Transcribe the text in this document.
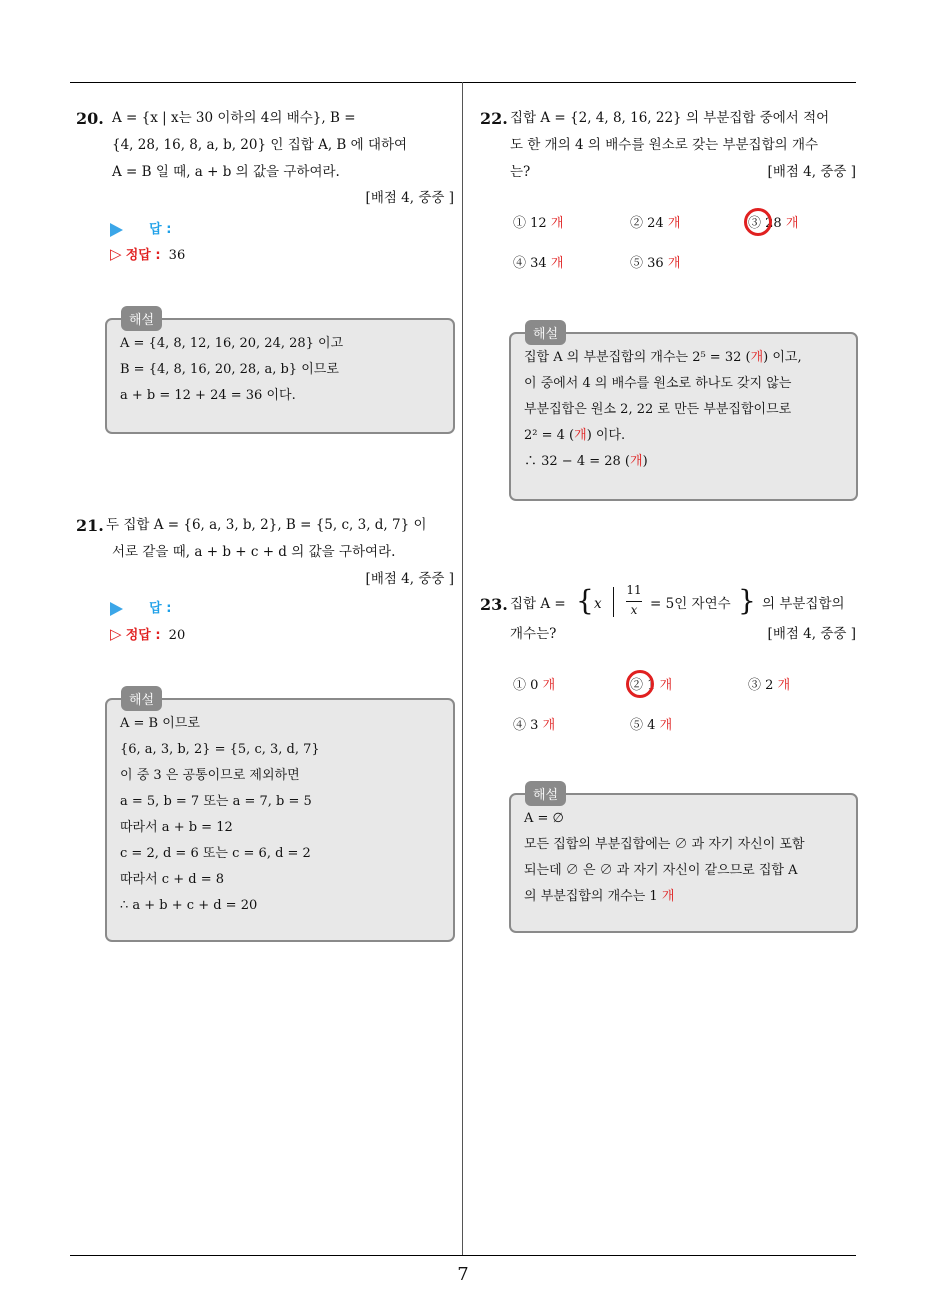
7
20. A = {x | x는 30 이하의 4의 배수}, B =

{4, 28, 16, 8, a, b, 20} 인 집합 A, B 에 대하여

A = B 일 때, a + b 의 값을 구하여라.

[배점 4, 중중 ]
답 :
▷ 정답 : 36
해설

A = {4, 8, 12, 16, 20, 24, 28} 이고

B = {4, 8, 16, 20, 28, a, b} 이므로

a + b = 12 + 24 = 36 이다.

21. 두 집합 A = {6, a, 3, b, 2}, B = {5, c, 3, d, 7} 이

서로 같을 때, a + b + c + d 의 값을 구하여라.

[배점 4, 중중 ]
답 :
▷ 정답 : 20
해설

A = B 이므로

{6, a, 3, b, 2} = {5, c, 3, d, 7}

이 중 3 은 공통이므로 제외하면

a = 5, b = 7 또는 a = 7, b = 5

따라서 a + b = 12

c = 2, d = 6 또는 c = 6, d = 2

따라서 c + d = 8

∴ a + b + c + d = 20

22. 집합 A = {2, 4, 8, 16, 22} 의 부분집합 중에서 적어

도 한 개의 4 의 배수를 원소로 갖는 부분집합의 개수

는?	[배점 4, 중중 ]
① 12 개	② 24 개	③ 28 개
④ 34 개	⑤ 36 개
해설

집합 A 의 부분집합의 개수는 2⁵ = 32 (개) 이고,

이 중에서 4 의 배수를 원소로 하나도 갖지 않는

부분집합은 원소 2, 22 로 만든 부분집합이므로

2² = 4 (개) 이다.

∴ 32 − 4 = 28 (개)

23. 집합 A = { x
11
x = 5인 자연수 } 의 부분집합의

개수는?	[배점 4, 중중 ]
① 0 개	② 1 개	③ 2 개
④ 3 개	⑤ 4 개
해설

A = ∅

모든 집합의 부분집합에는 ∅ 과 자기 자신이 포함

되는데 ∅ 은 ∅ 과 자기 자신이 같으므로 집합 A

의 부분집합의 개수는 1 개
